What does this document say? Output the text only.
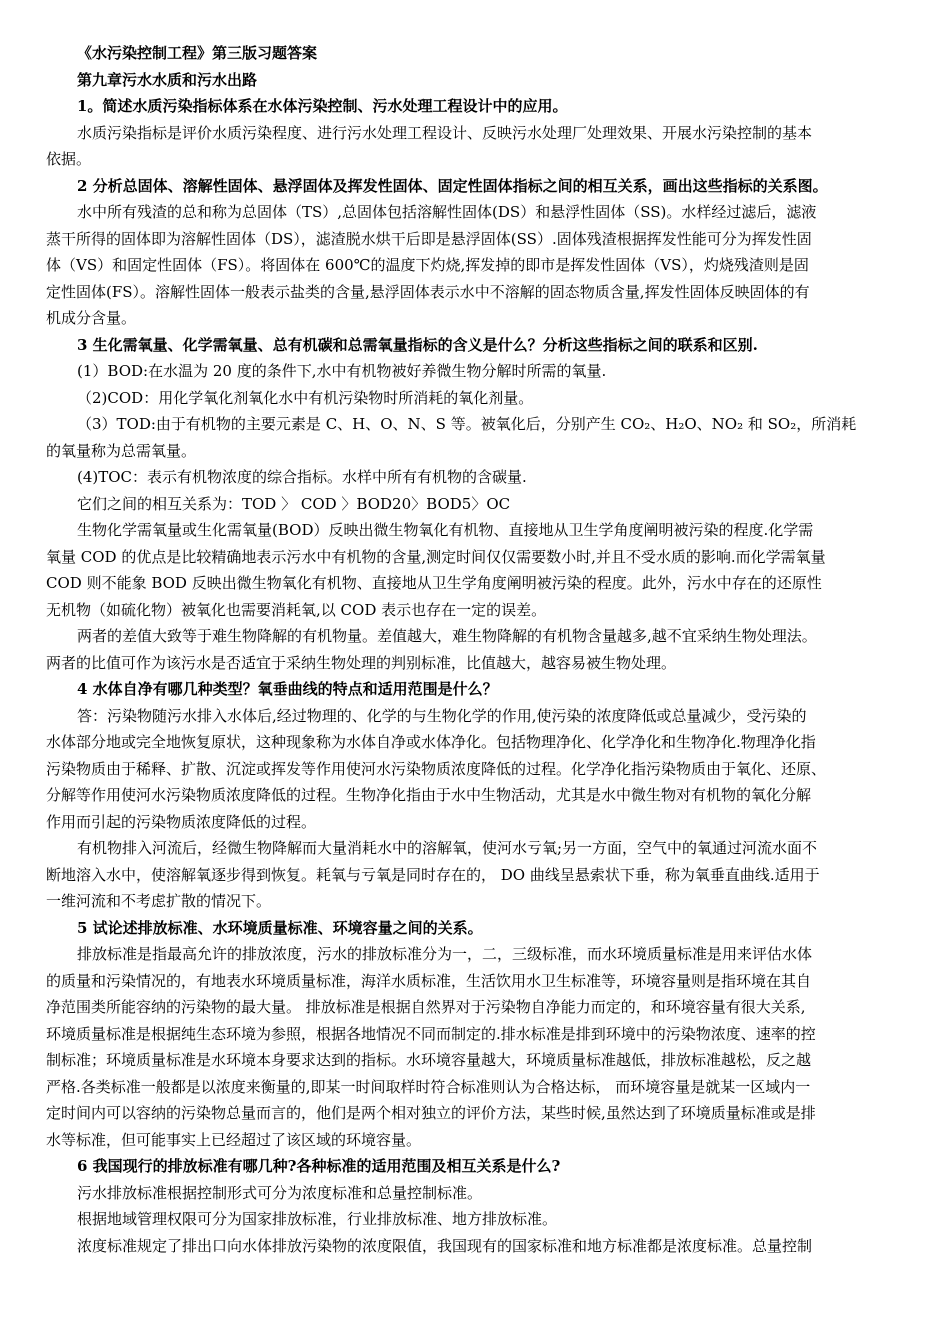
《水污染控制工程》第三版习题答案
第九章污水水质和污水出路
1。简述水质污染指标体系在水体污染控制、污水处理工程设计中的应用。
水质污染指标是评价水质污染程度、进行污水处理工程设计、反映污水处理厂处理效果、开展水污染控制的基本
依据。
2 分析总固体、溶解性固体、悬浮固体及挥发性固体、固定性固体指标之间的相互关系，画出这些指标的关系图。
水中所有残渣的总和称为总固体（TS）,总固体包括溶解性固体(DS）和悬浮性固体（SS)。水样经过滤后，滤液
蒸干所得的固体即为溶解性固体（DS），滤渣脱水烘干后即是悬浮固体(SS）.固体残渣根据挥发性能可分为挥发性固
体（VS）和固定性固体（FS）。将固体在 600℃的温度下灼烧,挥发掉的即市是挥发性固体（VS），灼烧残渣则是固
定性固体(FS）。溶解性固体一般表示盐类的含量,悬浮固体表示水中不溶解的固态物质含量,挥发性固体反映固体的有
机成分含量。
3 生化需氧量、化学需氧量、总有机碳和总需氧量指标的含义是什么？分析这些指标之间的联系和区别.
(1）BOD:在水温为 20 度的条件下,水中有机物被好养微生物分解时所需的氧量.
（2)COD：用化学氧化剂氧化水中有机污染物时所消耗的氧化剂量。
（3）TOD:由于有机物的主要元素是 C、H、O、N、S 等。被氧化后，分别产生 CO₂、H₂O、NO₂ 和 SO₂，所消耗
的氧量称为总需氧量。
(4)TOC：表示有机物浓度的综合指标。水样中所有有机物的含碳量.
它们之间的相互关系为：TOD 〉 COD 〉BOD20〉BOD5〉OC
生物化学需氧量或生化需氧量(BOD）反映出微生物氧化有机物、直接地从卫生学角度阐明被污染的程度.化学需
氧量 COD 的优点是比较精确地表示污水中有机物的含量,测定时间仅仅需要数小时,并且不受水质的影响.而化学需氧量
COD 则不能象 BOD 反映出微生物氧化有机物、直接地从卫生学角度阐明被污染的程度。此外，污水中存在的还原性
无机物（如硫化物）被氧化也需要消耗氧,以 COD 表示也存在一定的误差。
两者的差值大致等于难生物降解的有机物量。差值越大，难生物降解的有机物含量越多,越不宜采纳生物处理法。
两者的比值可作为该污水是否适宜于采纳生物处理的判别标准，比值越大，越容易被生物处理。
4 水体自净有哪几种类型？氧垂曲线的特点和适用范围是什么？
答：污染物随污水排入水体后,经过物理的、化学的与生物化学的作用,使污染的浓度降低或总量减少，受污染的
水体部分地或完全地恢复原状，这种现象称为水体自净或水体净化。包括物理净化、化学净化和生物净化.物理净化指
污染物质由于稀释、扩散、沉淀或挥发等作用使河水污染物质浓度降低的过程。化学净化指污染物质由于氧化、还原、
分解等作用使河水污染物质浓度降低的过程。生物净化指由于水中生物活动，尤其是水中微生物对有机物的氧化分解
作用而引起的污染物质浓度降低的过程。
有机物排入河流后，经微生物降解而大量消耗水中的溶解氧，使河水亏氧;另一方面，空气中的氧通过河流水面不
断地溶入水中，使溶解氧逐步得到恢复。耗氧与亏氧是同时存在的， DO 曲线呈悬索状下垂，称为氧垂直曲线.适用于
一维河流和不考虑扩散的情况下。
5 试论述排放标准、水环境质量标准、环境容量之间的关系。
排放标准是指最高允许的排放浓度，污水的排放标准分为一，二，三级标准，而水环境质量标准是用来评估水体
的质量和污染情况的，有地表水环境质量标准，海洋水质标准，生活饮用水卫生标准等，环境容量则是指环境在其自
净范围类所能容纳的污染物的最大量。 排放标准是根据自然界对于污染物自净能力而定的，和环境容量有很大关系,
环境质量标准是根据纯生态环境为参照，根据各地情况不同而制定的.排水标准是排到环境中的污染物浓度、速率的控
制标准；环境质量标准是水环境本身要求达到的指标。水环境容量越大，环境质量标准越低，排放标准越松，反之越
严格.各类标准一般都是以浓度来衡量的,即某一时间取样时符合标准则认为合格达标， 而环境容量是就某一区域内一
定时间内可以容纳的污染物总量而言的，他们是两个相对独立的评价方法，某些时候,虽然达到了环境质量标准或是排
水等标准，但可能事实上已经超过了该区域的环境容量。
6 我国现行的排放标准有哪几种?各种标准的适用范围及相互关系是什么?
污水排放标准根据控制形式可分为浓度标准和总量控制标准。
根据地域管理权限可分为国家排放标准，行业排放标准、地方排放标准。
浓度标准规定了排出口向水体排放污染物的浓度限值，我国现有的国家标准和地方标准都是浓度标准。总量控制
